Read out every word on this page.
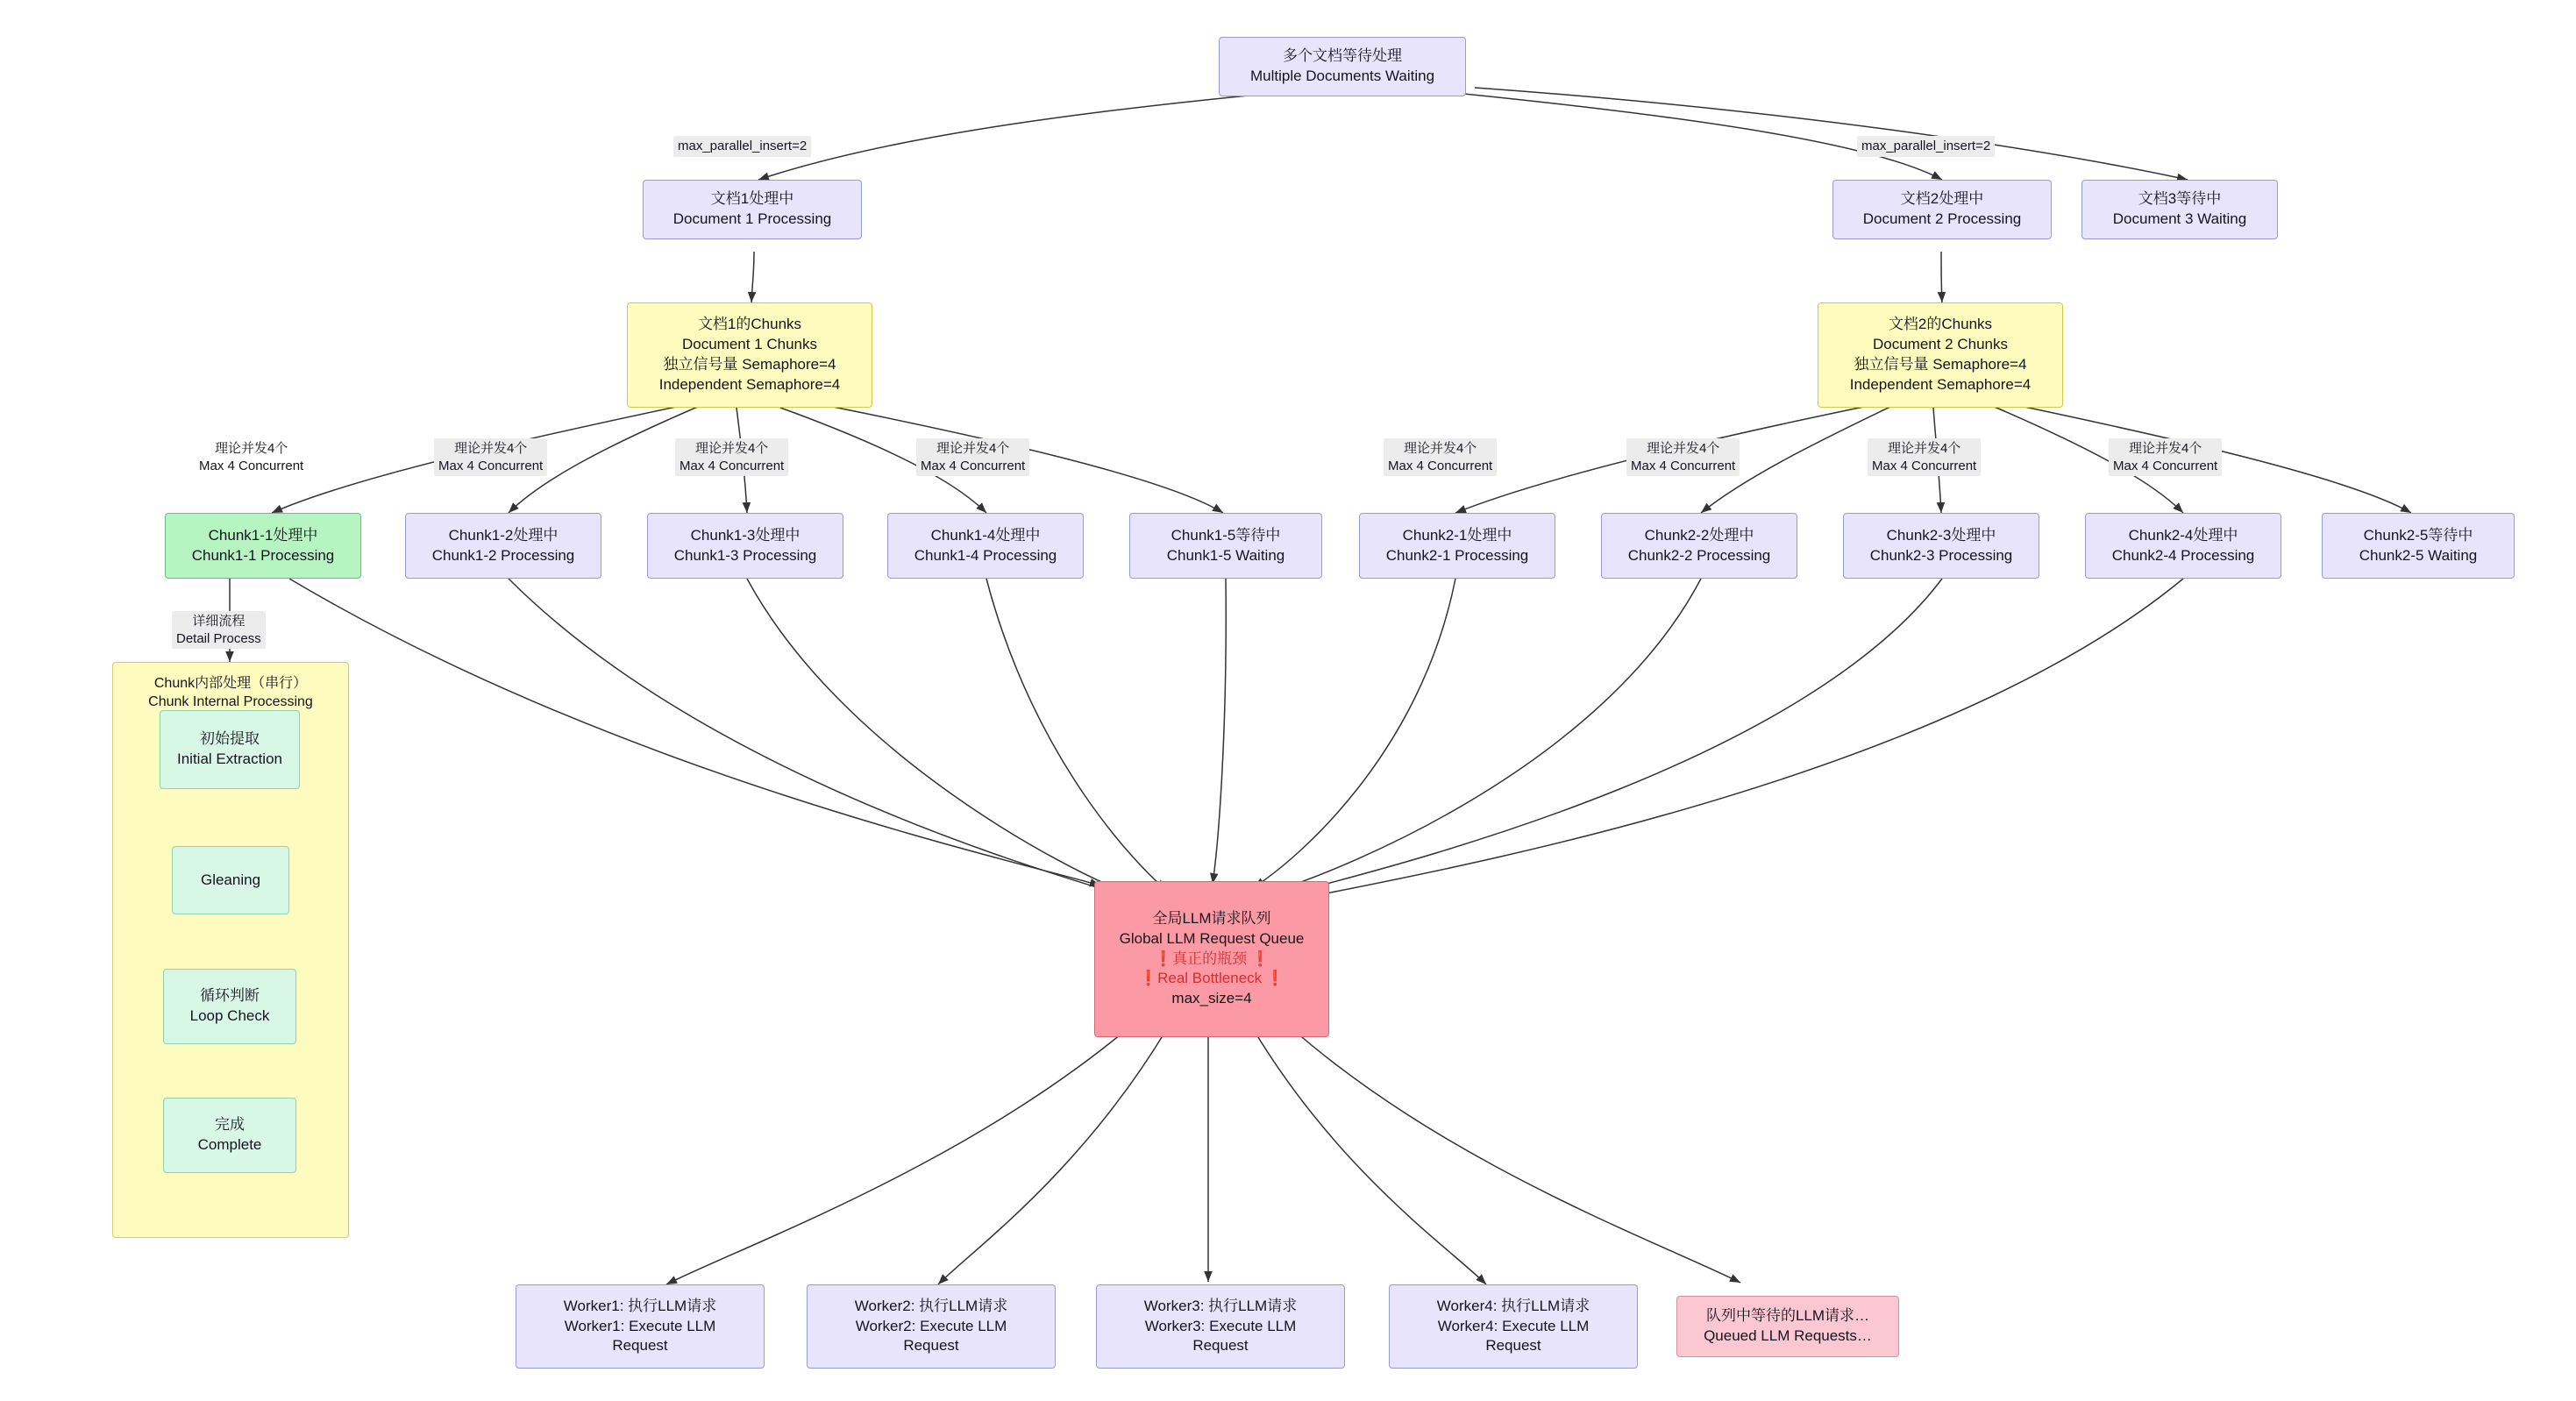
Chunk内部处理（串行）
Chunk Internal Processing
多个文档等待处理
Multiple Documents Waiting
文档1处理中
Document 1 Processing
文档2处理中
Document 2 Processing
文档3等待中
Document 3 Waiting
文档1的Chunks
Document 1 Chunks
独立信号量 Semaphore=4
Independent Semaphore=4
文档2的Chunks
Document 2 Chunks
独立信号量 Semaphore=4
Independent Semaphore=4
Chunk1-1处理中
Chunk1-1 Processing
Chunk1-2处理中
Chunk1-2 Processing
Chunk1-3处理中
Chunk1-3 Processing
Chunk1-4处理中
Chunk1-4 Processing
Chunk1-5等待中
Chunk1-5 Waiting
Chunk2-1处理中
Chunk2-1 Processing
Chunk2-2处理中
Chunk2-2 Processing
Chunk2-3处理中
Chunk2-3 Processing
Chunk2-4处理中
Chunk2-4 Processing
Chunk2-5等待中
Chunk2-5 Waiting
初始提取
Initial Extraction
Gleaning
循环判断
Loop Check
完成
Complete
全局LLM请求队列
Global LLM Request Queue
❗真正的瓶颈 ❗
❗Real Bottleneck ❗
max_size=4
Worker1: 执行LLM请求
Worker1: Execute LLM
Request
Worker2: 执行LLM请求
Worker2: Execute LLM
Request
Worker3: 执行LLM请求
Worker3: Execute LLM
Request
Worker4: 执行LLM请求
Worker4: Execute LLM
Request
队列中等待的LLM请求…
Queued LLM Requests…
max_parallel_insert=2	max_parallel_insert=2
详细流程
Detail Process
理论并发4个
Max 4 Concurrent
理论并发4个
Max 4 Concurrent
理论并发4个
Max 4 Concurrent
理论并发4个
Max 4 Concurrent
理论并发4个
Max 4 Concurrent
理论并发4个
Max 4 Concurrent
理论并发4个
Max 4 Concurrent
理论并发4个
Max 4 Concurrent
